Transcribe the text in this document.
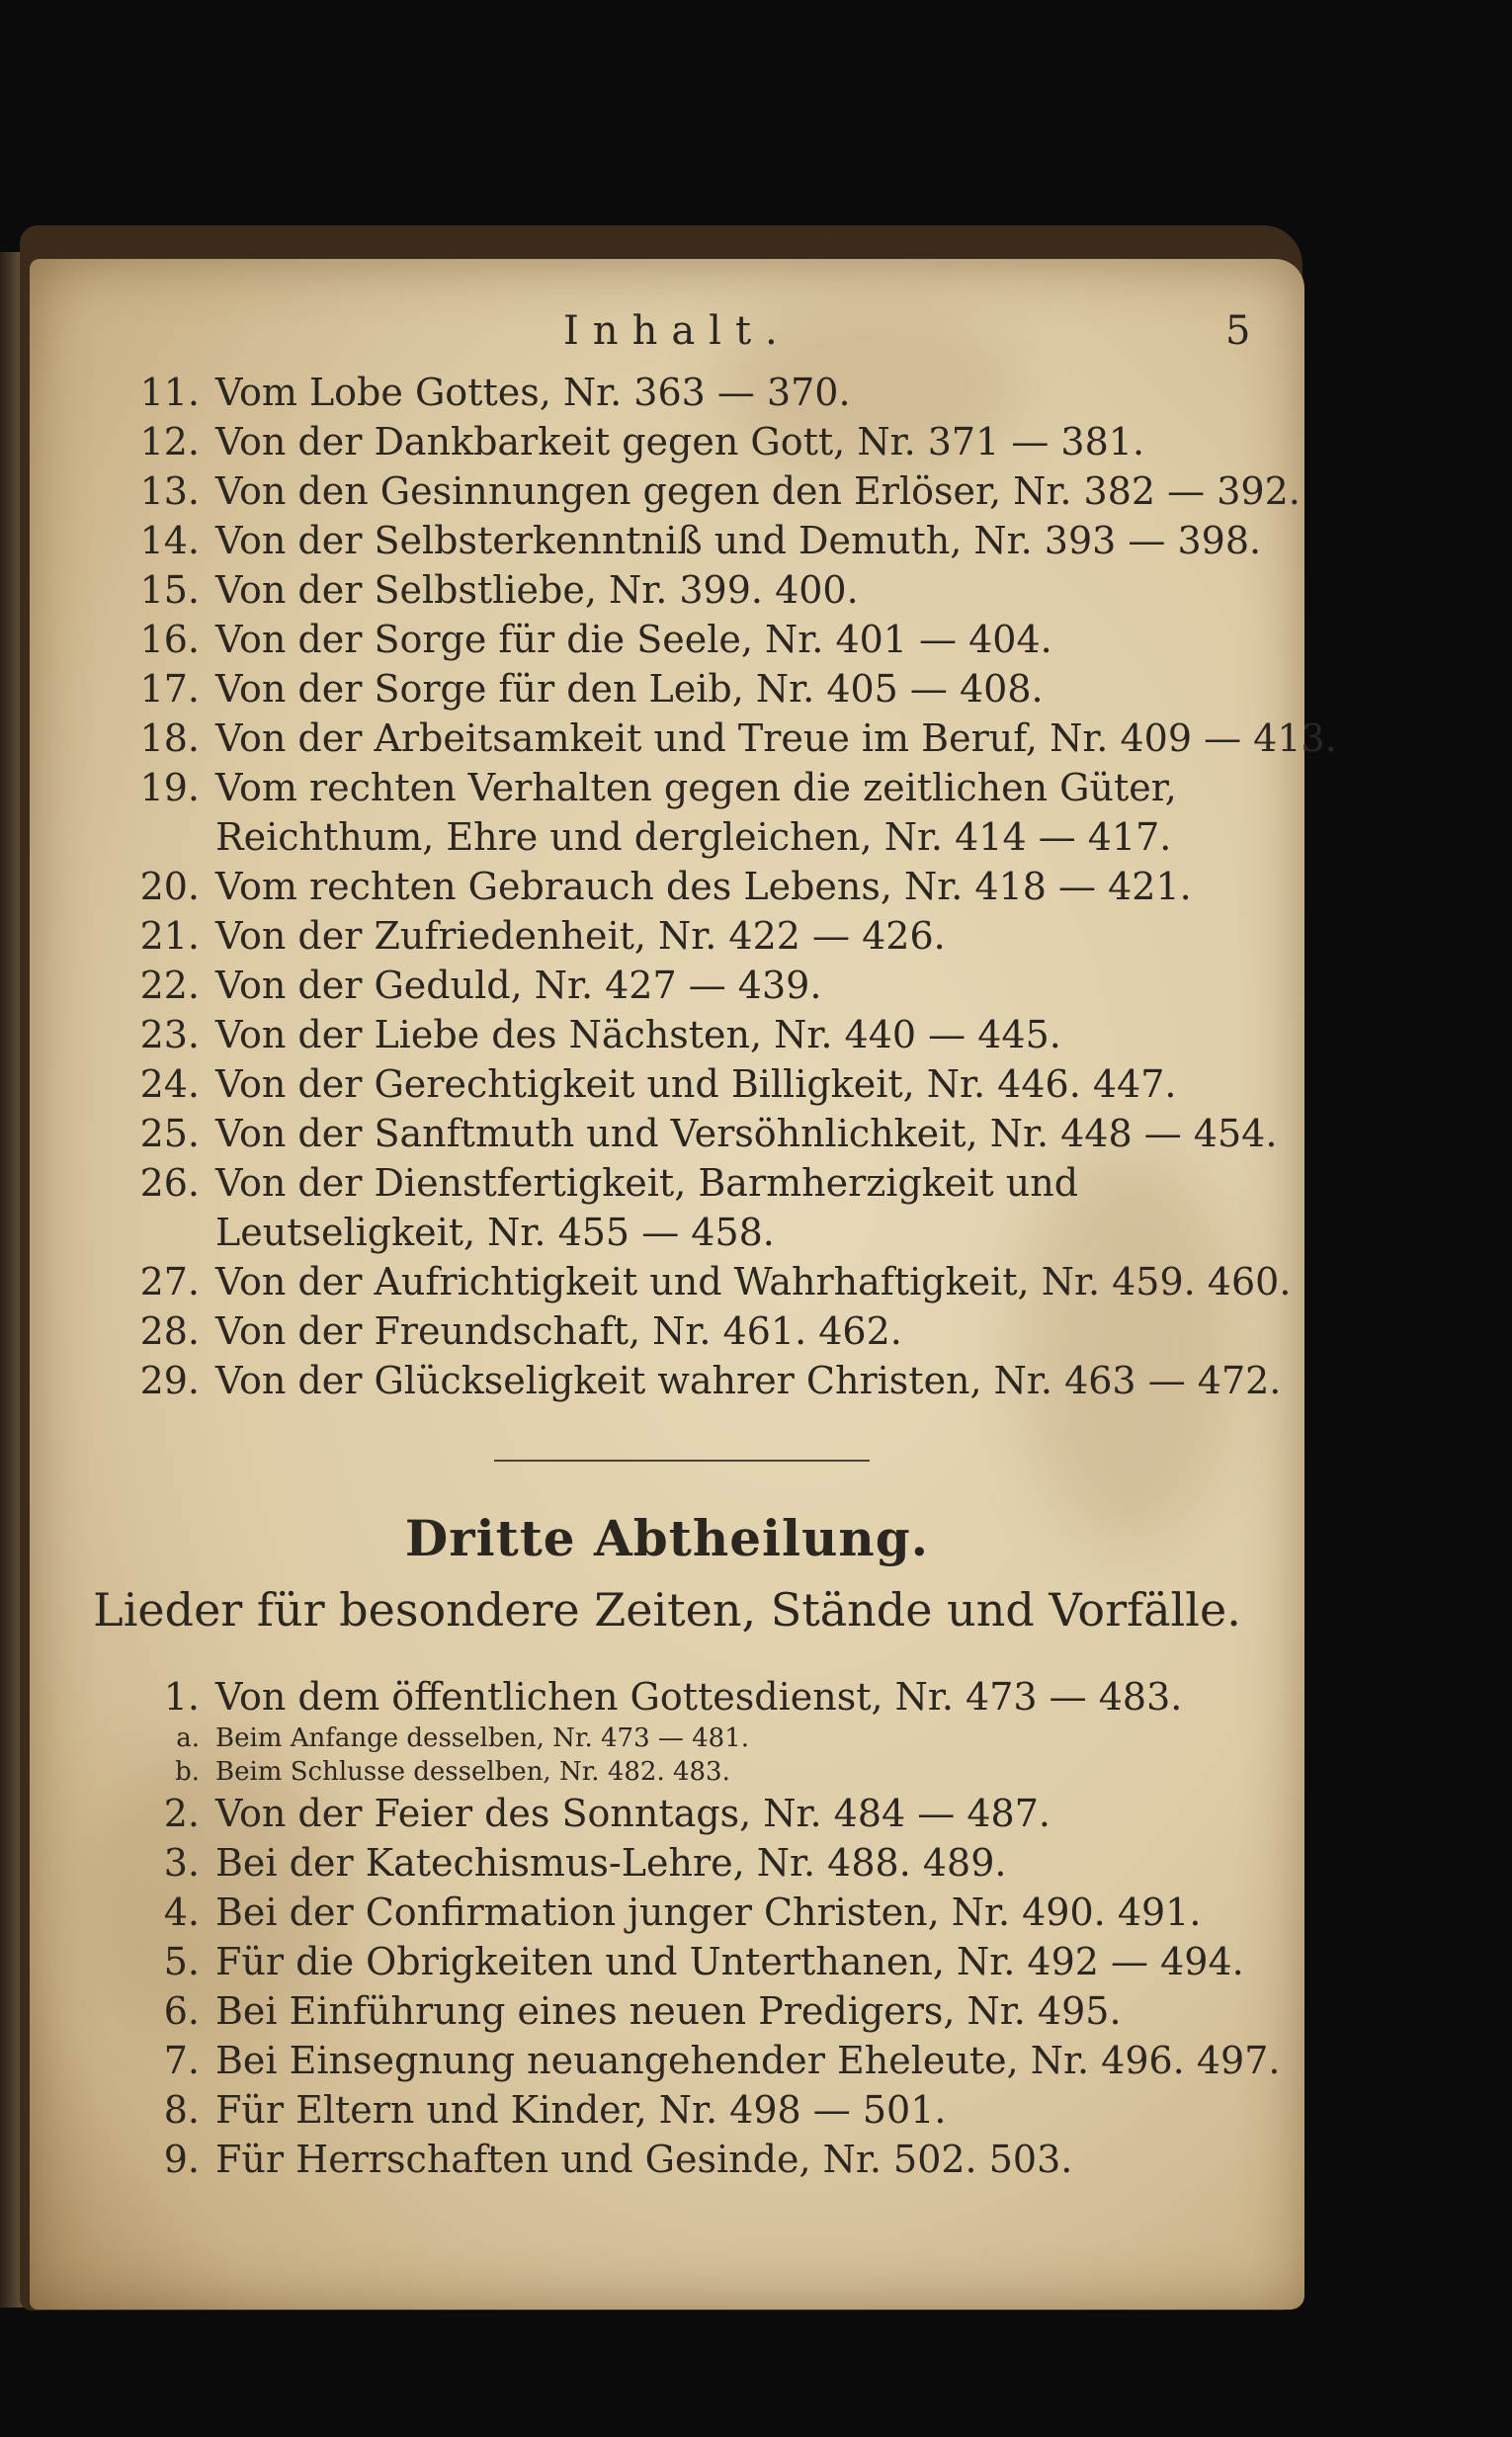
Inhalt.	5
11. Vom Lobe Gottes, Nr. 363 — 370.
12. Von der Dankbarkeit gegen Gott, Nr. 371 — 381.
13. Von den Gesinnungen gegen den Erlöser, Nr. 382 — 392.
14. Von der Selbsterkenntniß und Demuth, Nr. 393 — 398.
15. Von der Selbstliebe, Nr. 399. 400.
16. Von der Sorge für die Seele, Nr. 401 — 404.
17. Von der Sorge für den Leib, Nr. 405 — 408.
18. Von der Arbeitsamkeit und Treue im Beruf, Nr. 409 — 413.
19. Vom rechten Verhalten gegen die zeitlichen Güter, Reichthum, Ehre und dergleichen, Nr. 414 — 417.
20. Vom rechten Gebrauch des Lebens, Nr. 418 — 421.
21. Von der Zufriedenheit, Nr. 422 — 426.
22. Von der Geduld, Nr. 427 — 439.
23. Von der Liebe des Nächsten, Nr. 440 — 445.
24. Von der Gerechtigkeit und Billigkeit, Nr. 446. 447.
25. Von der Sanftmuth und Versöhnlichkeit, Nr. 448 — 454.
26. Von der Dienstfertigkeit, Barmherzigkeit und Leutseligkeit, Nr. 455 — 458.
27. Von der Aufrichtigkeit und Wahrhaftigkeit, Nr. 459. 460.
28. Von der Freundschaft, Nr. 461. 462.
29. Von der Glückseligkeit wahrer Christen, Nr. 463 — 472.
Dritte Abtheilung.
Lieder für besondere Zeiten, Stände und Vorfälle.
1. Von dem öffentlichen Gottesdienst, Nr. 473 — 483.
a. Beim Anfange desselben, Nr. 473 — 481.
b. Beim Schlusse desselben, Nr. 482. 483.
2. Von der Feier des Sonntags, Nr. 484 — 487.
3. Bei der Katechismus-Lehre, Nr. 488. 489.
4. Bei der Confirmation junger Christen, Nr. 490. 491.
5. Für die Obrigkeiten und Unterthanen, Nr. 492 — 494.
6. Bei Einführung eines neuen Predigers, Nr. 495.
7. Bei Einsegnung neuangehender Eheleute, Nr. 496. 497.
8. Für Eltern und Kinder, Nr. 498 — 501.
9. Für Herrschaften und Gesinde, Nr. 502. 503.
